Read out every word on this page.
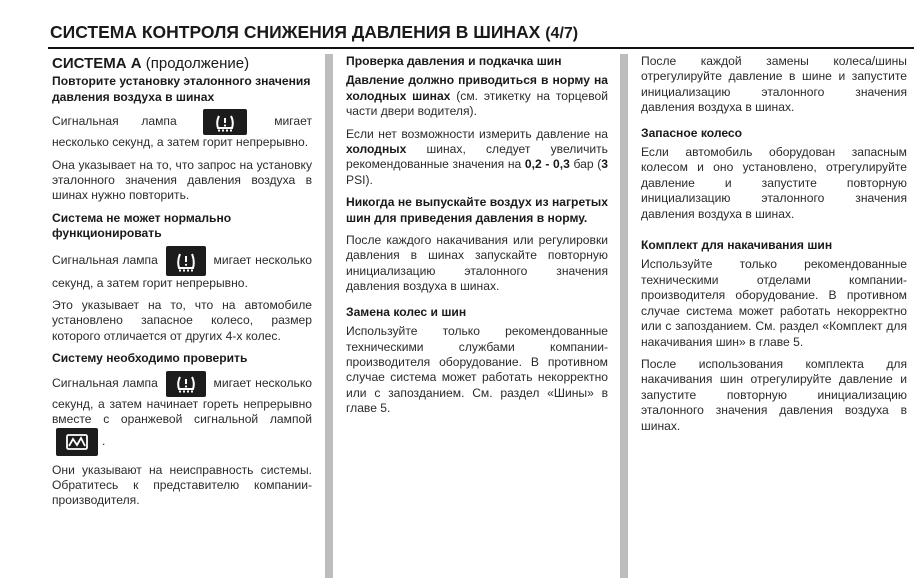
СИСТЕМА КОНТРОЛЯ СНИЖЕНИЯ ДАВЛЕНИЯ В ШИНАХ (4/7)
СИСТЕМА А (продолжение)
Повторите установку эталонного значения давления воздуха в шинах

Сигнальная лампа	мигает несколько секунд, а затем горит непрерывно.

Она указывает на то, что запрос на установку эталонного значения давления воздуха в шинах нужно повторить.

Система не может нормально функционировать

Сигнальная лампа	мигает несколько секунд, а затем горит непрерывно.

Это указывает на то, что на автомобиле установлено запасное колесо, размер которого отличается от других 4-х колес.

Систему необходимо проверить

Сигнальная лампа	мигает несколько секунд, а затем начинает гореть непрерывно вместе с оранжевой сигнальной лампой
.

Они указывают на неисправность системы. Обратитесь к представителю компании-производителя.

Проверка давления и подкачка шин

Давление должно приводиться в норму на холодных шинах (см. этикетку на торцевой части двери водителя).

Если нет возможности измерить давление на холодных шинах, следует увеличить рекомендованные значения на 0,2 - 0,3 бар (3 PSI).

Никогда не выпускайте воздух из нагретых шин для приведения давления в норму.

После каждого накачивания или регулировки давления в шинах запускайте повторную инициализацию эталонного значения давления воздуха в шинах.

Замена колес и шин

Используйте только рекомендованные техническими службами компании-производителя оборудование. В противном случае система может работать некорректно или с запозданием. См. раздел «Шины» в главе 5.

После каждой замены колеса/шины отрегулируйте давление в шине и запустите инициализацию эталонного значения давления воздуха в шинах.

Запасное колесо

Если автомобиль оборудован запасным колесом и оно установлено, отрегулируйте давление и запустите повторную инициализацию эталонного значения давления воздуха в шинах.

Комплект для накачивания шин

Используйте только рекомендованные техническими отделами компании-производителя оборудование. В противном случае система может работать некорректно или с запозданием. См. раздел «Комплект для накачивания шин» в главе 5.

После использования комплекта для накачивания шин отрегулируйте давление и запустите повторную инициализацию эталонного значения давления воздуха в шинах.
